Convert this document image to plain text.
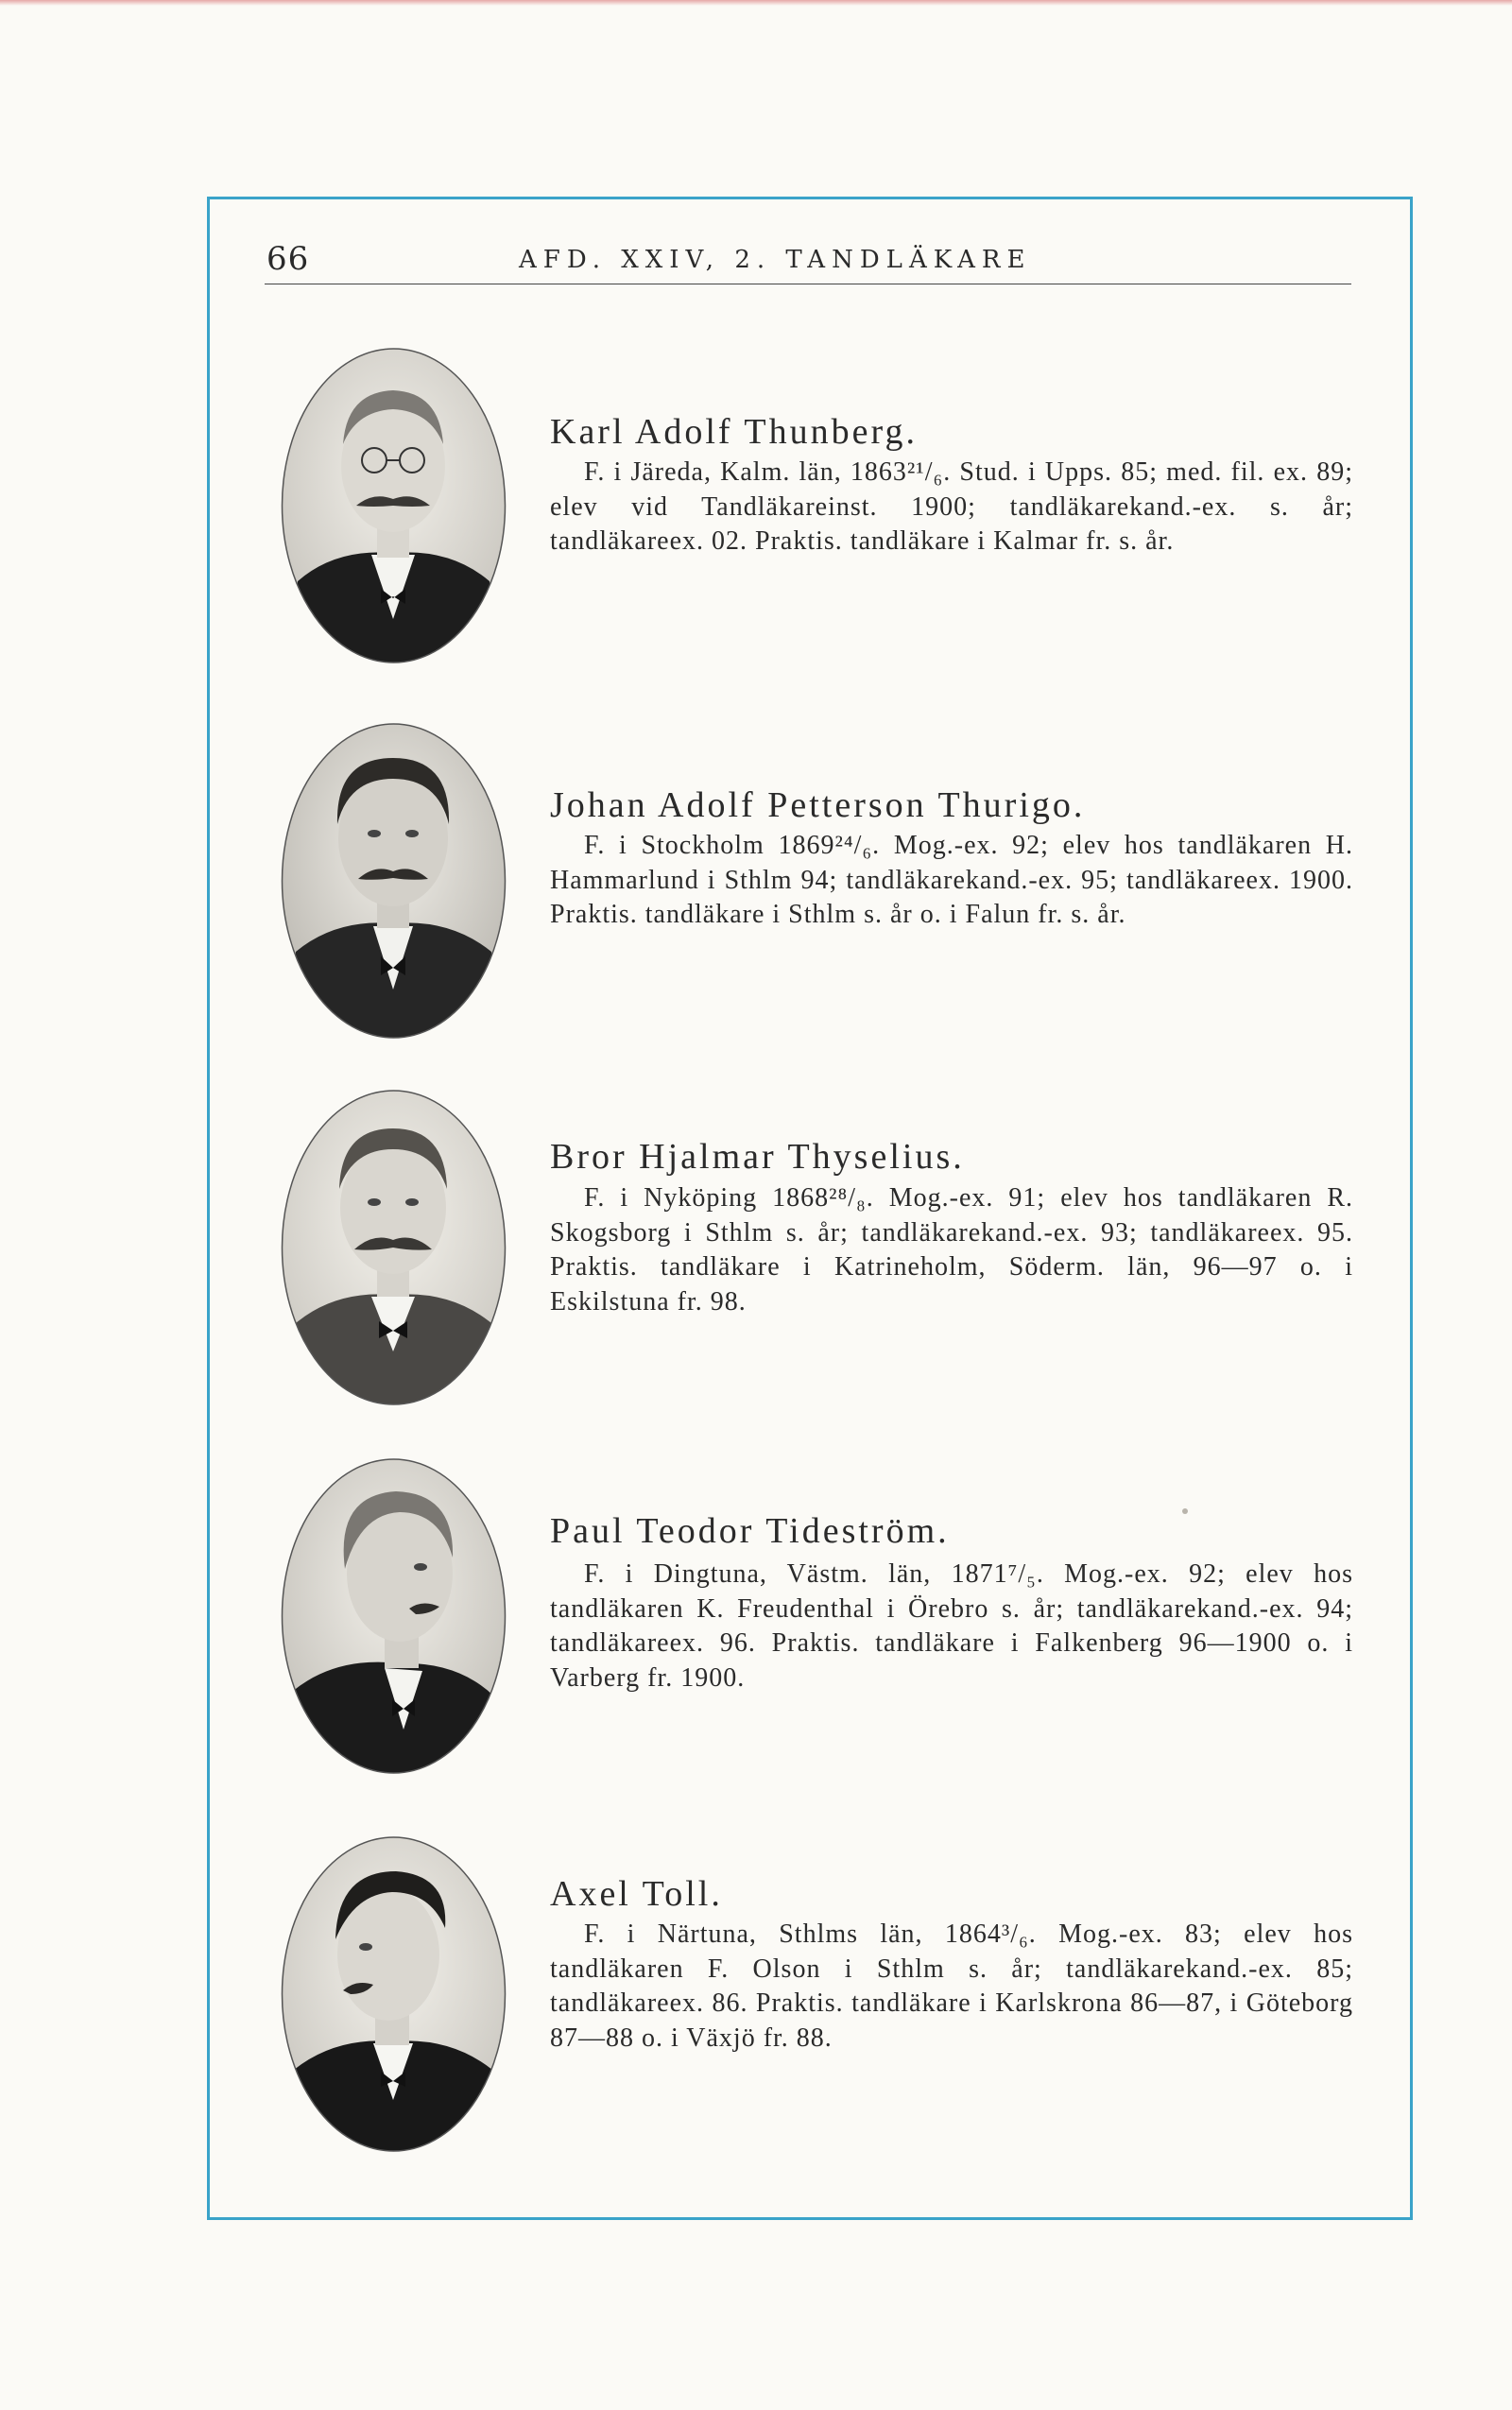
66	AFD. XXIV, 2. TANDLÄKARE
Karl Adolf Thunberg.
F. i Järeda, Kalm. län, 1863²¹/₆. Stud. i Upps. 85; med. fil. ex. 89; elev vid Tandläkareinst. 1900; tandläkarekand.-ex. s. år; tandläkareex. 02. Praktis. tandläkare i Kalmar fr. s. år.
Johan Adolf Petterson Thurigo.
F. i Stockholm 1869²⁴/₆. Mog.-ex. 92; elev hos tandläkaren H. Hammarlund i Sthlm 94; tandläkarekand.-ex. 95; tandläkareex. 1900. Praktis. tandläkare i Sthlm s. år o. i Falun fr. s. år.
Bror Hjalmar Thyselius.
F. i Nyköping 1868²⁸/₈. Mog.-ex. 91; elev hos tandläkaren R. Skogsborg i Sthlm s. år; tandläkarekand.-ex. 93; tandläkareex. 95. Praktis. tandläkare i Katrineholm, Söderm. län, 96—97 o. i Eskilstuna fr. 98.
Paul Teodor Tideström.
F. i Dingtuna, Västm. län, 1871⁷/₅. Mog.-ex. 92; elev hos tandläkaren K. Freudenthal i Örebro s. år; tandläkarekand.-ex. 94; tandläkareex. 96. Praktis. tandläkare i Falkenberg 96—1900 o. i Varberg fr. 1900.
Axel Toll.
F. i Närtuna, Sthlms län, 1864³/₆. Mog.-ex. 83; elev hos tandläkaren F. Olson i Sthlm s. år; tandläkarekand.-ex. 85; tandläkareex. 86. Praktis. tandläkare i Karlskrona 86—87, i Göteborg 87—88 o. i Växjö fr. 88.
